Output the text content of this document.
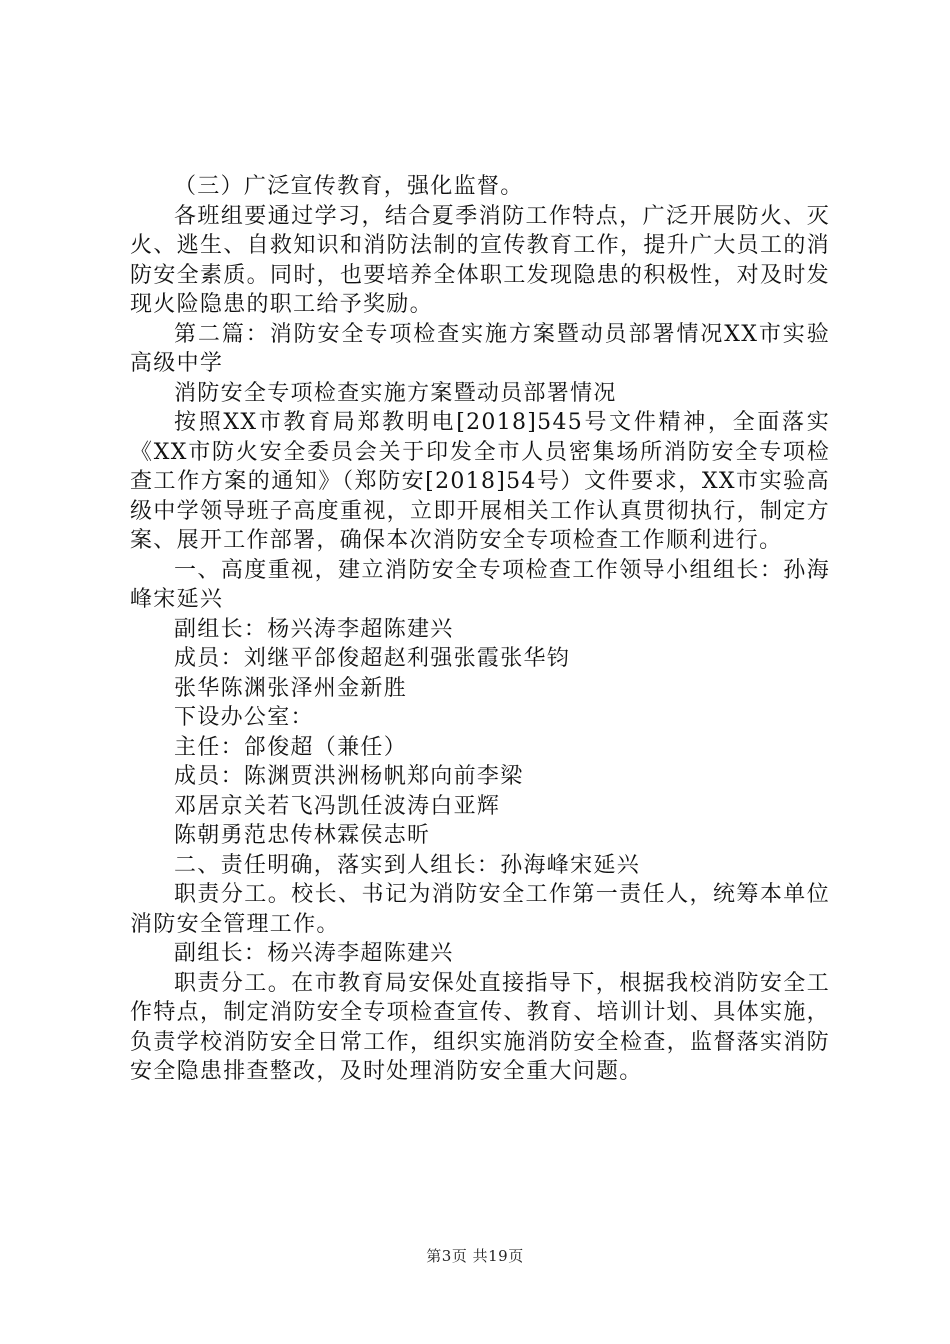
（三）广泛宣传教育，强化监督。

各班组要通过学习，结合夏季消防工作特点，广泛开展防火、灭火、逃生、自救知识和消防法制的宣传教育工作，提升广大员工的消防安全素质。同时，也要培养全体职工发现隐患的积极性，对及时发现火险隐患的职工给予奖励。

第二篇：消防安全专项检查实施方案暨动员部署情况XX市实验高级中学

消防安全专项检查实施方案暨动员部署情况

按照XX市教育局郑教明电[2018]545号文件精神，全面落实《XX市防火安全委员会关于印发全市人员密集场所消防安全专项检查工作方案的通知》（郑防安[2018]54号）文件要求，XX市实验高级中学领导班子高度重视，立即开展相关工作认真贯彻执行，制定方案、展开工作部署，确保本次消防安全专项检查工作顺利进行。

一、高度重视，建立消防安全专项检查工作领导小组组长：孙海峰宋延兴

副组长：杨兴涛李超陈建兴

成员：刘继平郃俊超赵利强张霞张华钧

张华陈渊张泽州金新胜

下设办公室：

主任：郃俊超（兼任）

成员：陈渊贾洪洲杨帆郑向前李梁

邓居京关若飞冯凯任波涛白亚辉

陈朝勇范忠传林霖侯志昕

二、责任明确，落实到人组长：孙海峰宋延兴

职责分工。校长、书记为消防安全工作第一责任人，统筹本单位消防安全管理工作。

副组长：杨兴涛李超陈建兴

职责分工。在市教育局安保处直接指导下，根据我校消防安全工作特点，制定消防安全专项检查宣传、教育、培训计划、具体实施，负责学校消防安全日常工作，组织实施消防安全检查，监督落实消防安全隐患排查整改，及时处理消防安全重大问题。

第3页 共19页
